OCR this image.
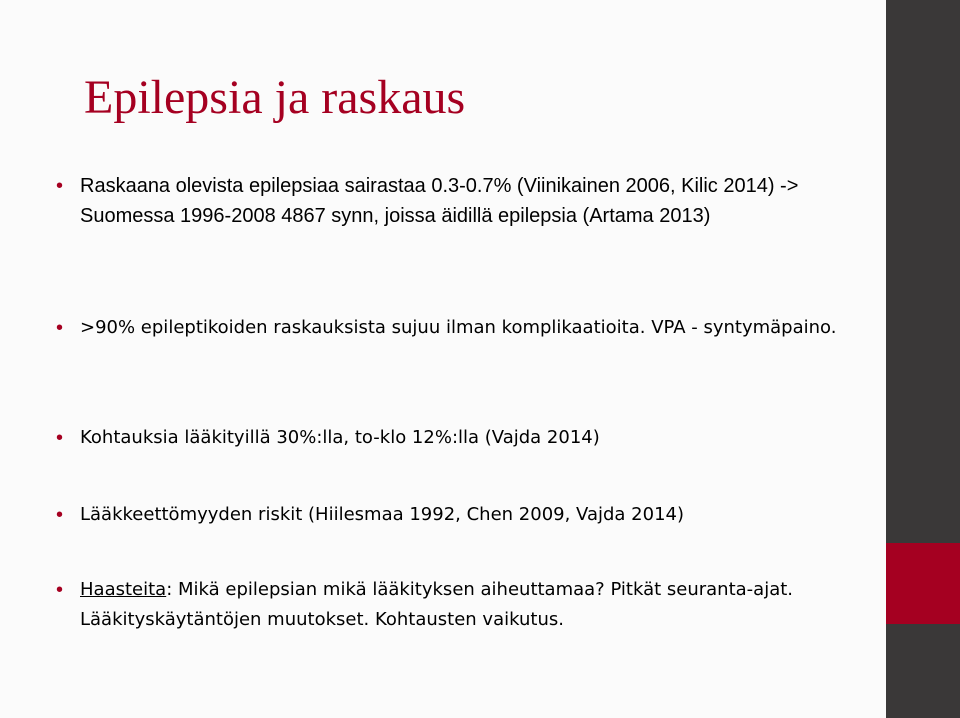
Epilepsia ja raskaus
• Raskaana olevista epilepsiaa sairastaa 0.3-0.7% (Viinikainen 2006, Kilic 2014) -> Suomessa 1996-2008 4867 synn, joissa äidillä epilepsia (Artama 2013)
• >90% epileptikoiden raskauksista sujuu ilman komplikaatioita. VPA - syntymäpaino.
• Kohtauksia lääkityillä 30%:lla, to-klo 12%:lla (Vajda 2014)
• Lääkkeettömyyden riskit (Hiilesmaa 1992, Chen 2009, Vajda 2014)
• Haasteita: Mikä epilepsian mikä lääkityksen aiheuttamaa? Pitkät seuranta-ajat. Lääkityskäytäntöjen muutokset. Kohtausten vaikutus.
